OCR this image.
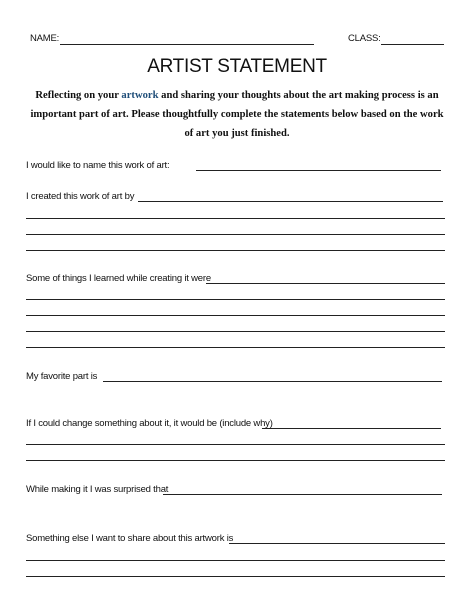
NAME:	CLASS:
ARTIST STATEMENT
Reflecting on your artwork and sharing your thoughts about the art making process is an
important part of art. Please thoughtfully complete the statements below based on the work
of art you just finished.
I would like to name this work of art:
I created this work of art by
Some of things I learned while creating it were
My favorite part is
If I could change something about it, it would be (include why)
While making it I was surprised that
Something else I want to share about this artwork is
